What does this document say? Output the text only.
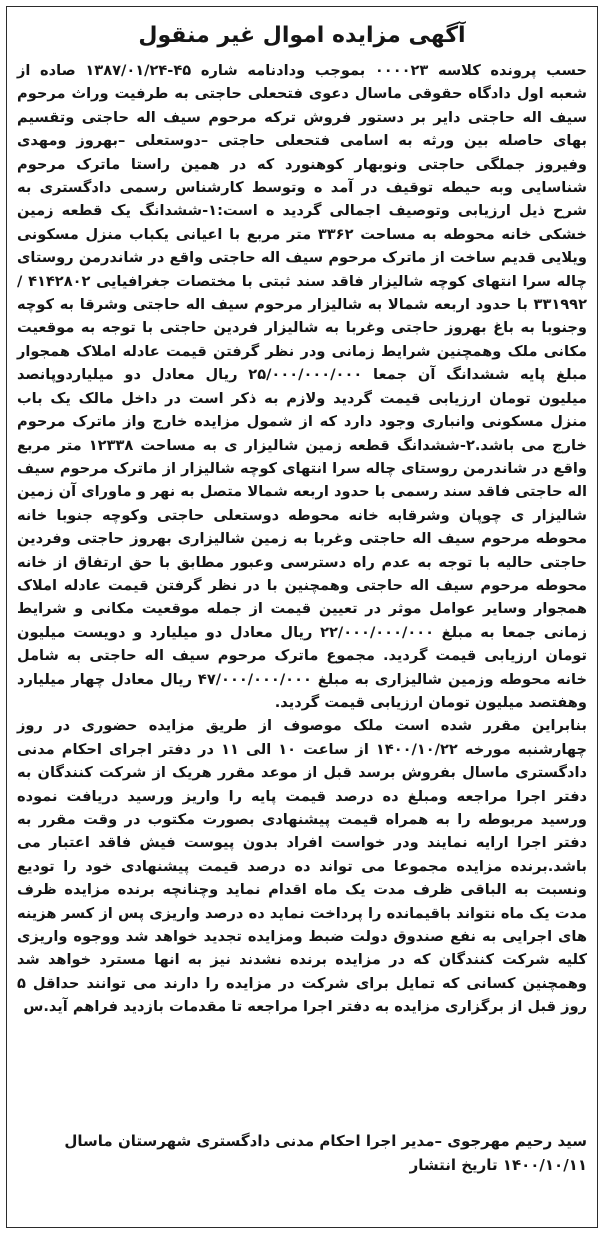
آگهی مزایده اموال غیر منقول

حسب پرونده کلاسه ۰۰۰۰۲۳ بموجب ودادنامه شاره ۴۵-۱۳۸۷/۰۱/۲۴ صاده از شعبه اول دادگاه حقوقی ماسال دعوی فتحعلی حاجتی به طرفیت وراث مرحوم سیف اله حاجتی دایر بر دستور فروش ترکه مرحوم سیف اله حاجتی وتقسیم بهای حاصله بین ورثه به اسامی فتحعلی حاجتی –دوستعلی –بهروز ومهدی وفیروز جملگی حاجتی ونوبهار کوهنورد که در همین راستا ماترک مرحوم شناسایی وبه حیطه توقیف در آمد ه وتوسط کارشناس رسمی دادگستری به شرح ذیل ارزیابی وتوصیف اجمالی گردید ه است:۱-ششدانگ یک قطعه زمین خشکی خانه محوطه به مساحت ۳۳۶۲ متر مربع با اعیانی یکباب منزل مسکونی ویلایی قدیم ساخت از ماترک مرحوم سیف اله حاجتی واقع در شاندرمن روستای چاله سرا انتهای کوچه شالیزار فاقد سند ثبتی با مختصات جغرافیایی ۴۱۴۲۸۰۲ /۳۳۱۹۹۲ با حدود اربعه شمالا به شالیزار مرحوم سیف اله حاجتی وشرقا به کوچه وجنوبا به باغ بهروز حاجتی وغربا به شالیزار فردین حاجتی با توجه به موقعیت مکانی ملک وهمچنین شرایط زمانی ودر نظر گرفتن قیمت عادله املاک همجوار مبلغ پایه ششدانگ آن جمعا ۲۵/۰۰۰/۰۰۰/۰۰۰ ریال معادل دو میلیاردوپانصد میلیون تومان ارزیابی قیمت گردید ولازم به ذکر است در داخل مالک یک باب منزل مسکونی وانباری وجود دارد که از شمول مزایده خارج واز ماترک مرحوم خارج می باشد.۲-ششدانگ قطعه زمین شالیزار ی به مساحت ۱۲۳۳۸ متر مربع واقع در شاندرمن روستای چاله سرا انتهای کوچه شالیزار از ماترک مرحوم سیف اله حاجتی فاقد سند رسمی با حدود اربعه شمالا متصل به نهر و ماورای آن زمین شالیزار ی چوپان وشرقابه خانه محوطه دوستعلی حاجتی وکوچه جنوبا خانه محوطه مرحوم سیف اله حاجتی وغربا به زمین شالیزاری بهروز حاجتی وفردین حاجتی حالیه با توجه به عدم راه دسترسی وعبور مطابق با حق ارتفاق از خانه محوطه مرحوم سیف اله حاجتی وهمچنین با در نظر گرفتن قیمت عادله املاک همجوار وسایر عوامل موثر در تعیین قیمت از جمله موقعیت مکانی و شرایط زمانی جمعا به مبلغ ۲۲/۰۰۰/۰۰۰/۰۰۰ ریال معادل دو میلیارد و دویست میلیون تومان ارزیابی قیمت گردید. مجموع ماترک مرحوم سیف اله حاجتی به شامل خانه محوطه وزمین شالیزاری به مبلغ ۴۷/۰۰۰/۰۰۰/۰۰۰ ریال معادل چهار میلیارد وهفتصد میلیون تومان ارزیابی قیمت گردید.

بنابراین مقرر شده است ملک موصوف از طریق مزایده حضوری در روز چهارشنبه مورخه ۱۴۰۰/۱۰/۲۲ از ساعت ۱۰ الی ۱۱ در دفتر اجرای احکام مدنی دادگستری ماسال بفروش برسد قبل از موعد مقرر هریک از شرکت کنندگان به دفتر اجرا مراجعه ومبلغ ده درصد قیمت پایه را واریز ورسید دریافت نموده ورسید مربوطه را به همراه قیمت پیشنهادی بصورت مکتوب در وقت مقرر به دفتر اجرا ارایه نمایند ودر خواست افراد بدون پیوست فیش فاقد اعتبار می باشد.برنده مزایده مجموعا می تواند ده درصد قیمت پیشنهادی خود را تودیع ونسبت به الباقی ظرف مدت یک ماه اقدام نماید وچنانچه برنده مزایده ظرف مدت یک ماه نتواند باقیمانده را پرداخت نماید ده درصد واریزی پس از کسر هزینه های اجرایی به نفع صندوق دولت ضبط ومزایده تجدید خواهد شد ووجوه واریزی کلیه شرکت کنندگان که در مزایده برنده نشدند نیز به انها مسترد خواهد شد وهمچنین کسانی که تمایل برای شرکت در مزایده را دارند می توانند حداقل ۵ روز قبل از برگزاری مزایده به دفتر اجرا مراجعه تا مقدمات بازدید فراهم آید.س

سید رحیم مهرجوی –مدیر اجرا احکام مدنی دادگستری شهرستان ماسال
۱۴۰۰/۱۰/۱۱ تاریخ انتشار
